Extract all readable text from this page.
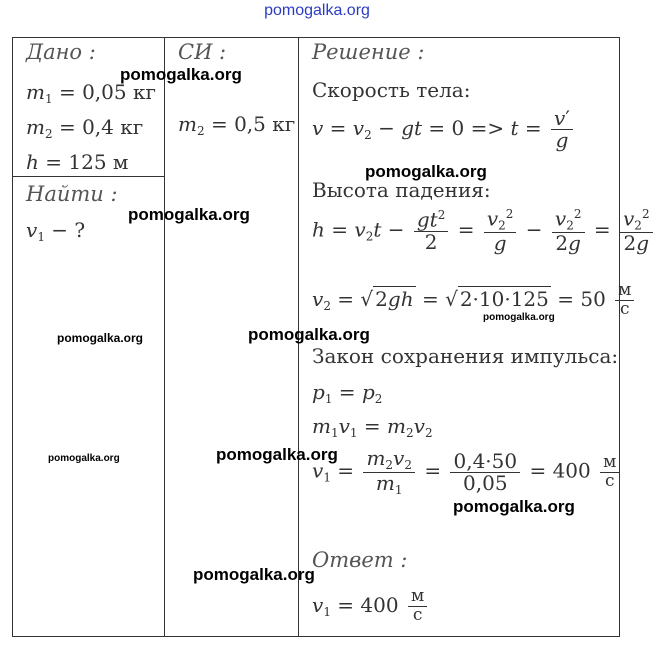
pomogalka.org
Дано :
$m_1 = 0,05$ кг
$m_2 = 0,4$ кг
h = 125 м
Найти :
$v_1$ − ?
СИ :
$m_2 = 0,5$ кг
Решение :
Скорость тела:
$v = v_2$ − gt = $0 => t = \frac{v'}{g}$
Высота падения:
$h = v_2t - \frac{gt^2}{2} = \frac{v_2^2}{g} - \frac{v_2^2}{2g} = \frac{v_2^2}{2g}$
$v_2$ = √ 2gh = √ $2\cdot 10\cdot 125 = 50 \frac{м}{с}$
Закон сохранения импульса:
$p_1 = p_2$
$m_1v_1 = m_2v_2$
$v_1 = \frac{m_2v_2}{m_1} = \frac{0,4\cdot 50}{0,05} = 400 \frac{м}{с}$
Ответ :
$v_1 = 400 \frac{м}{с}$
pomogalka.org
pomogalka.org
pomogalka.org
pomogalka.org
pomogalka.org	pomogalka.org
pomogalka.org	pomogalka.org
pomogalka.org
pomogalka.org
